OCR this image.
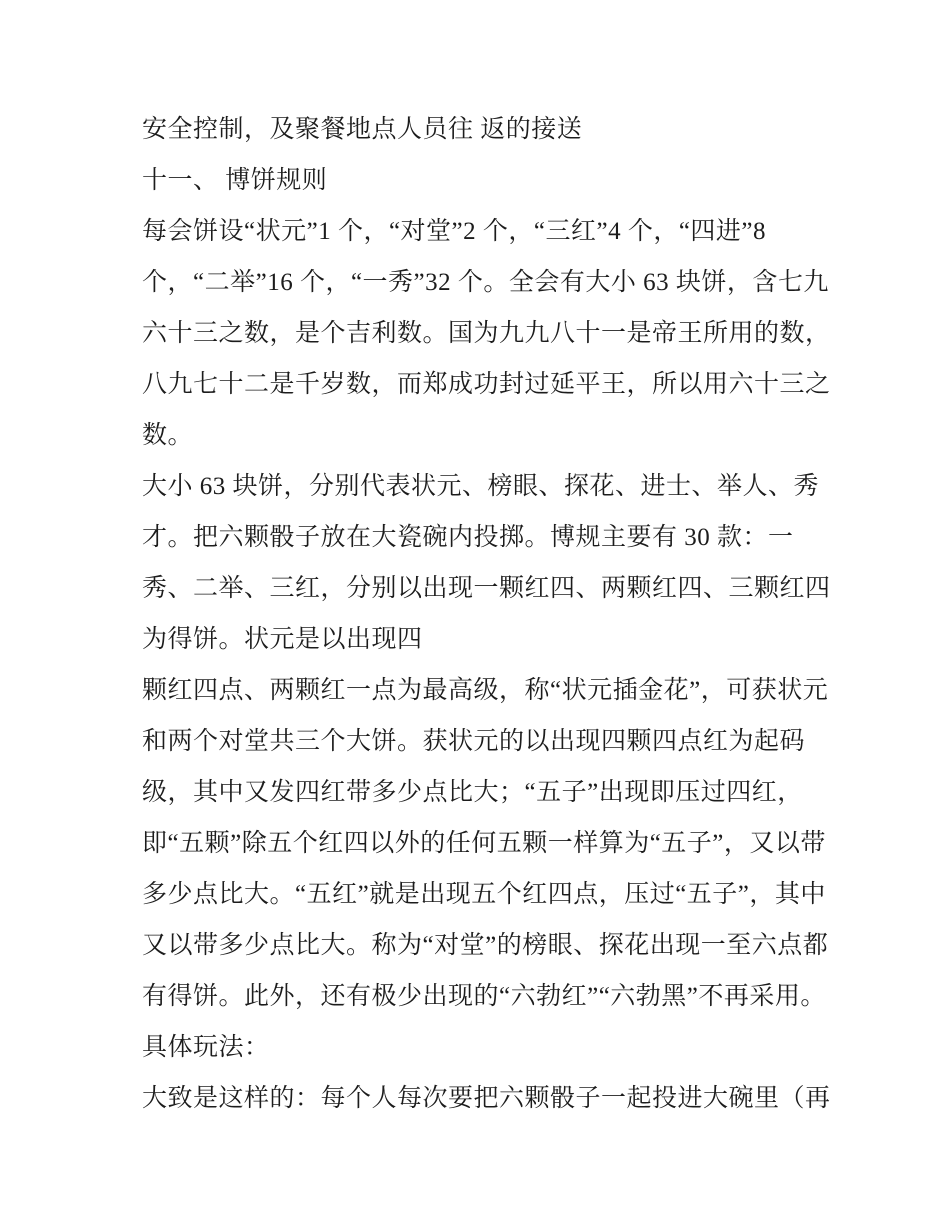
安全控制，及聚餐地点人员往 返的接送
十一、 博饼规则
每会饼设“状元”1 个，“对堂”2 个，“三红”4 个，“四进”8
个，“二举”16 个，“一秀”32 个。全会有大小 63 块饼，含七九
六十三之数，是个吉利数。国为九九八十一是帝王所用的数，
八九七十二是千岁数，而郑成功封过延平王，所以用六十三之
数。
大小 63 块饼，分别代表状元、榜眼、探花、进士、举人、秀
才。把六颗骰子放在大瓷碗内投掷。博规主要有 30 款：一
秀、二举、三红，分别以出现一颗红四、两颗红四、三颗红四
为得饼。状元是以出现四
颗红四点、两颗红一点为最高级，称“状元插金花”，可获状元
和两个对堂共三个大饼。获状元的以出现四颗四点红为起码
级，其中又发四红带多少点比大；“五子”出现即压过四红，
即“五颗”除五个红四以外的任何五颗一样算为“五子”，又以带
多少点比大。“五红”就是出现五个红四点，压过“五子”，其中
又以带多少点比大。称为“对堂”的榜眼、探花出现一至六点都
有得饼。此外，还有极少出现的“六勃红”“六勃黑”不再采用。
具体玩法：
大致是这样的：每个人每次要把六颗骰子一起投进大碗里（再
